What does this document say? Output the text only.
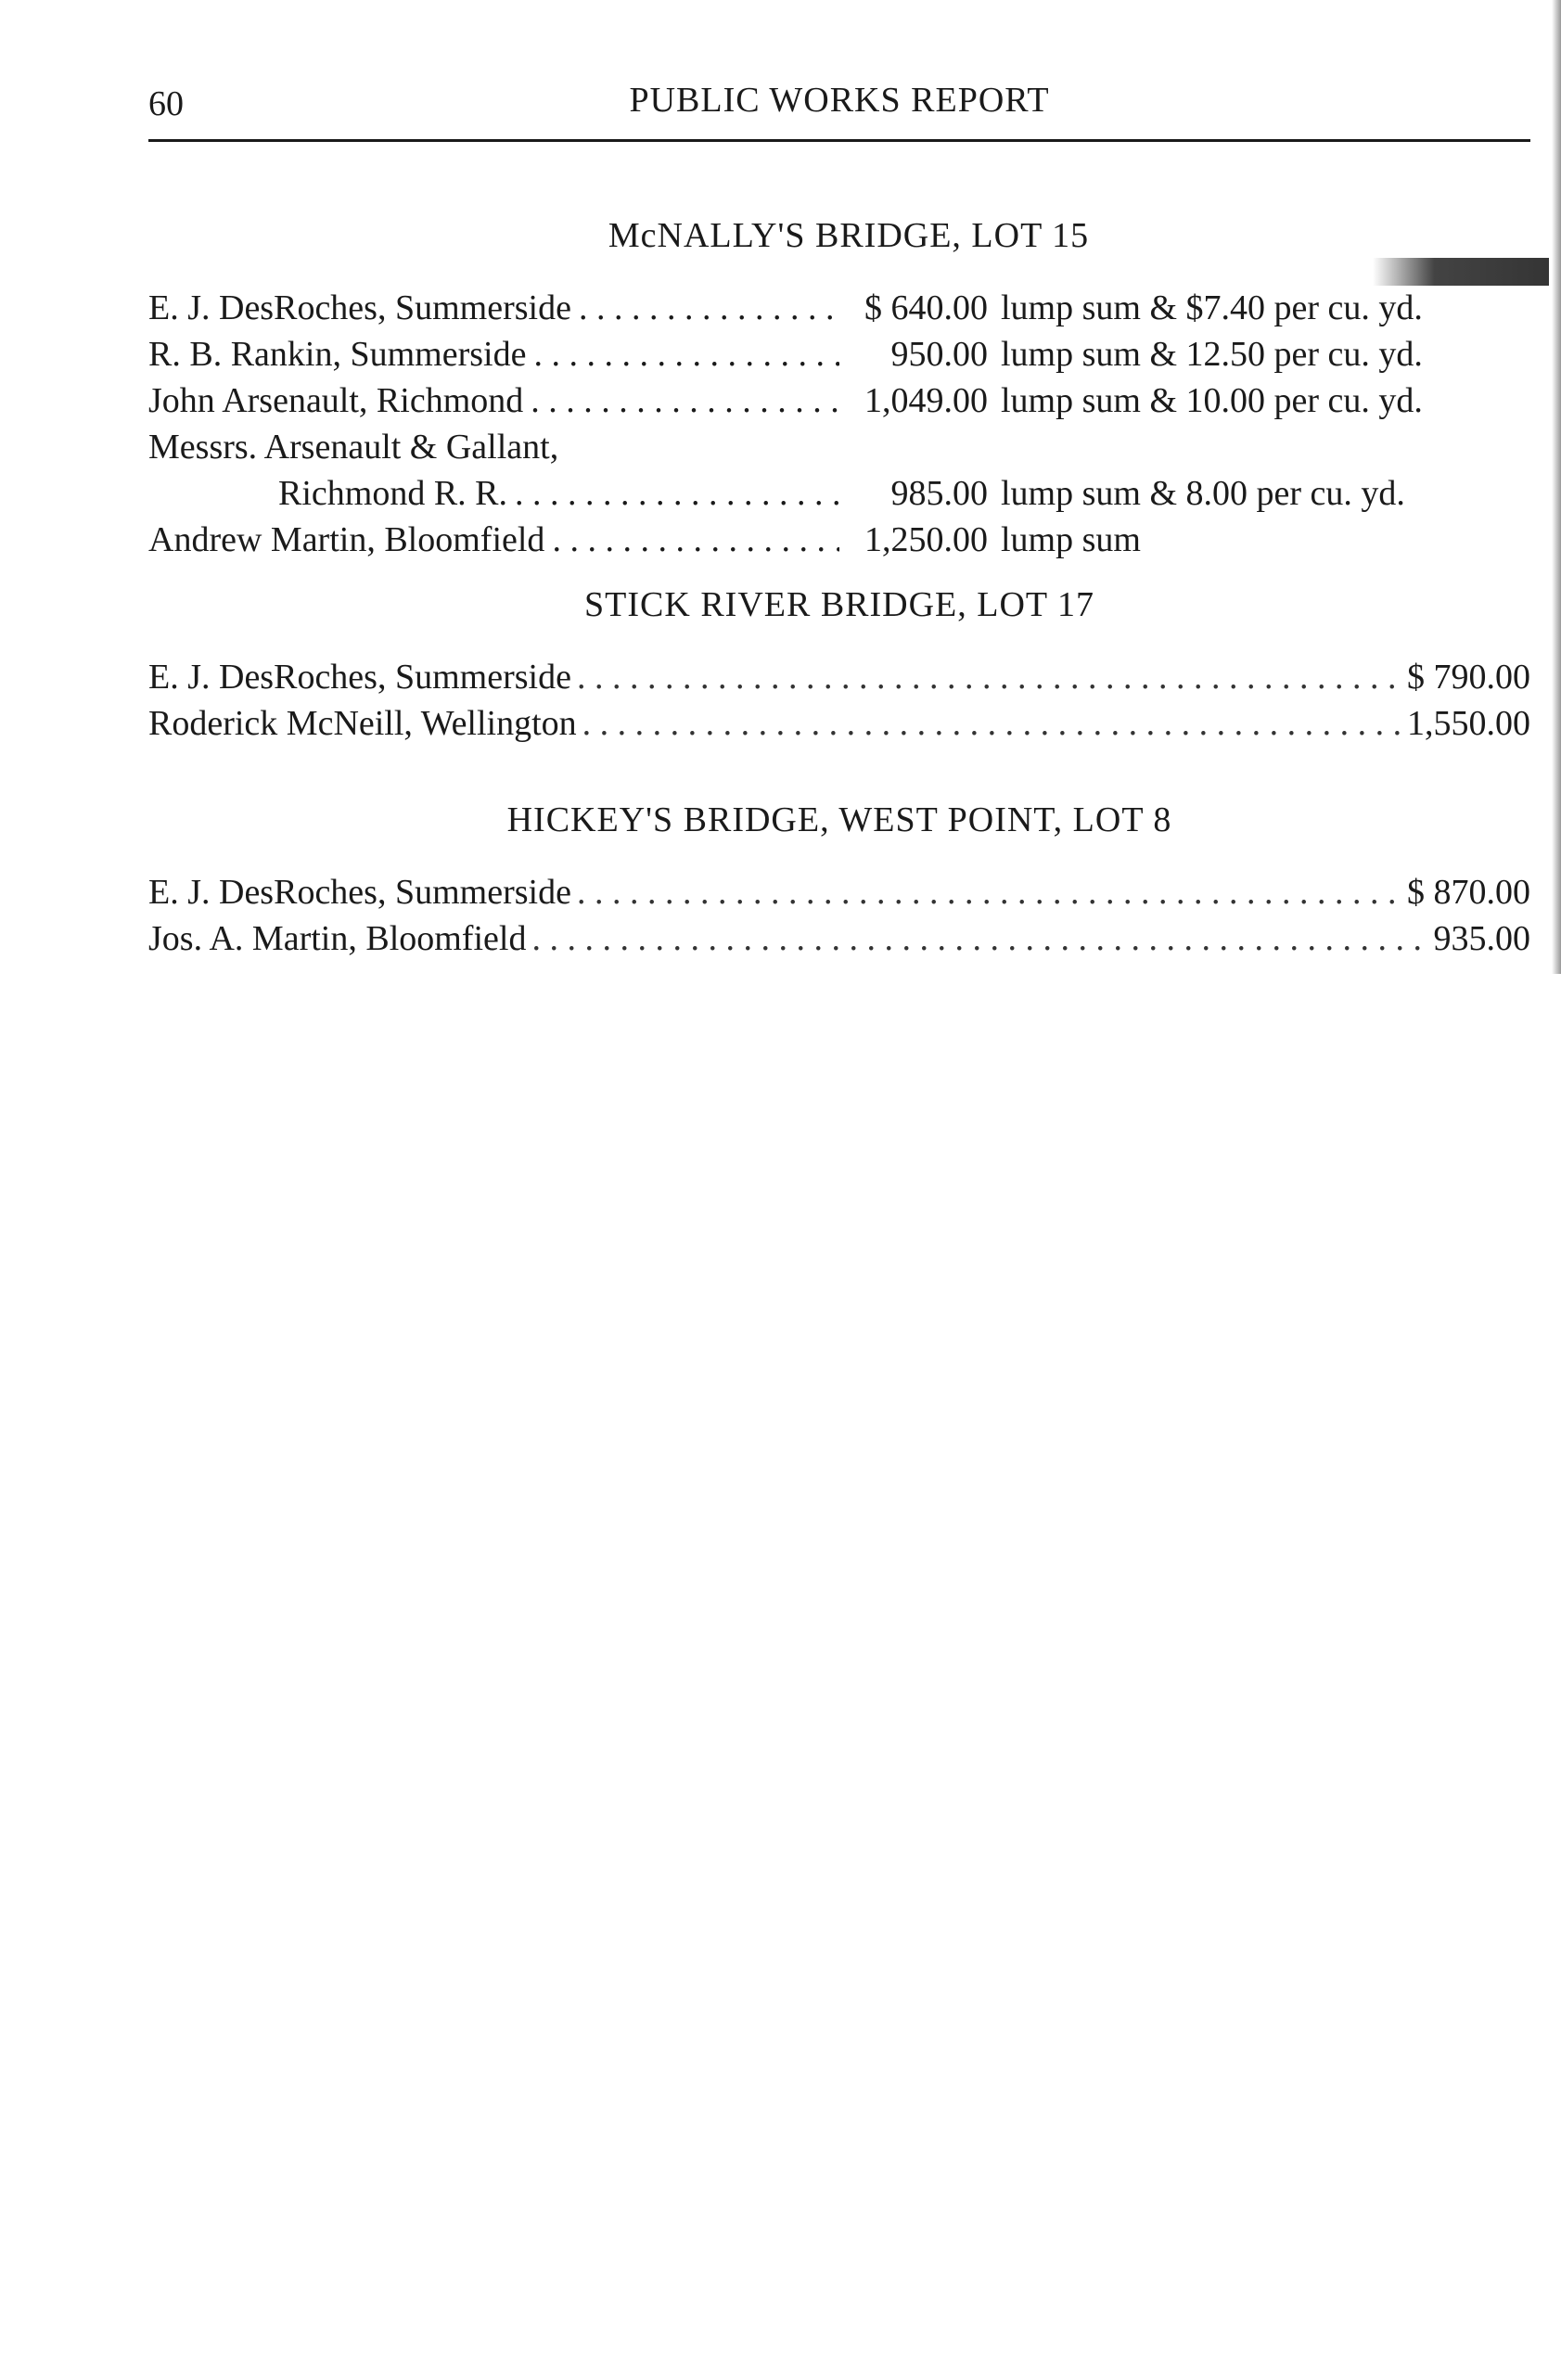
60	PUBLIC WORKS REPORT
McNALLY'S BRIDGE, LOT 15
E. J. DesRoches, Summerside . . .	$ 640.00 lump sum & $7.40 per cu. yd.
R. B. Rankin, Summerside . . .	950.00 lump sum & 12.50 per cu. yd.
John Arsenault, Richmond . . .	1,049.00 lump sum & 10.00 per cu. yd.
Messrs. Arsenault & Gallant,
Richmond R. R. . . .	985.00 lump sum & 8.00 per cu. yd.
Andrew Martin, Bloomfield . . .	1,250.00 lump sum
STICK RIVER BRIDGE, LOT 17
E. J. DesRoches, Summerside . . .	$ 790.00
Roderick McNeill, Wellington . . .	1,550.00
HICKEY'S BRIDGE, WEST POINT, LOT 8
E. J. DesRoches, Summerside . . .	$ 870.00
Jos. A. Martin, Bloomfield . . .	935.00
